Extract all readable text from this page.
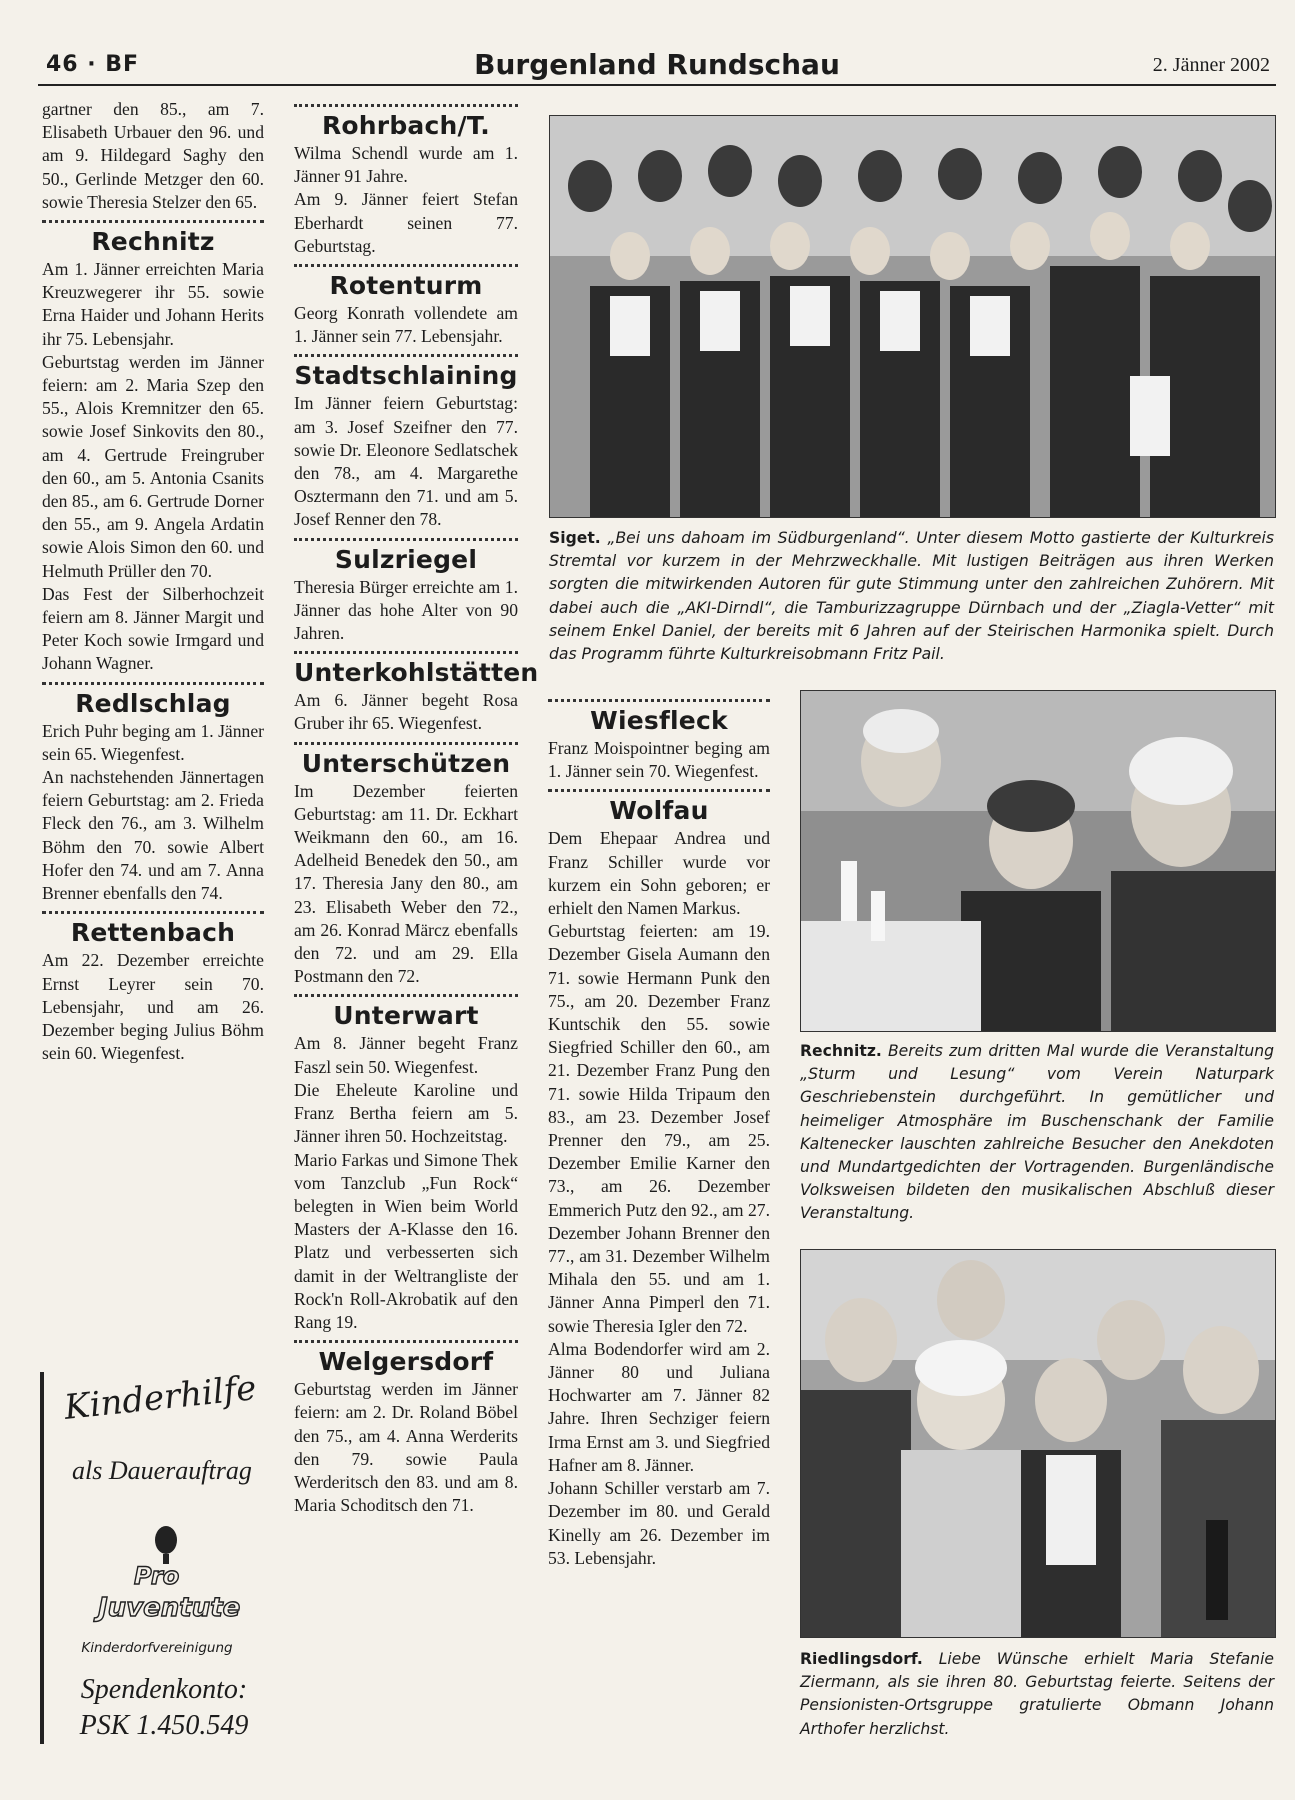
46 · BF	Burgenland Rundschau	2. Jänner 2002

gartner den 85., am 7. Elisabeth Urbauer den 96. und am 9. Hildegard Saghy den 50., Gerlinde Metzger den 60. sowie Theresia Stelzer den 65.

Rechnitz

Am 1. Jänner erreichten Maria Kreuzwegerer ihr 55. sowie Erna Haider und Johann Herits ihr 75. Lebensjahr.

Geburtstag werden im Jänner feiern: am 2. Maria Szep den 55., Alois Kremnitzer den 65. sowie Josef Sinkovits den 80., am 4. Gertrude Freingruber den 60., am 5. Antonia Csanits den 85., am 6. Gertrude Dorner den 55., am 9. Angela Ardatin sowie Alois Simon den 60. und Helmuth Prüller den 70.

Das Fest der Silberhochzeit feiern am 8. Jänner Margit und Peter Koch sowie Irmgard und Johann Wagner.

Redlschlag

Erich Puhr beging am 1. Jänner sein 65. Wiegenfest.

An nachstehenden Jännertagen feiern Geburtstag: am 2. Frieda Fleck den 76., am 3. Wilhelm Böhm den 70. sowie Albert Hofer den 74. und am 7. Anna Brenner ebenfalls den 74.

Rettenbach

Am 22. Dezember erreichte Ernst Leyrer sein 70. Lebensjahr, und am 26. Dezember beging Julius Böhm sein 60. Wiegenfest.

Rohrbach/T.

Wilma Schendl wurde am 1. Jänner 91 Jahre.

Am 9. Jänner feiert Stefan Eberhardt seinen 77. Geburtstag.

Rotenturm

Georg Konrath vollendete am 1. Jänner sein 77. Lebensjahr.

Stadtschlaining

Im Jänner feiern Geburtstag: am 3. Josef Szeifner den 77. sowie Dr. Eleonore Sedlatschek den 78., am 4. Margarethe Osztermann den 71. und am 5. Josef Renner den 78.

Sulzriegel

Theresia Bürger erreichte am 1. Jänner das hohe Alter von 90 Jahren.

Unterkohlstätten

Am 6. Jänner begeht Rosa Gruber ihr 65. Wiegenfest.

Unterschützen

Im Dezember feierten Geburtstag: am 11. Dr. Eckhart Weikmann den 60., am 16. Adelheid Benedek den 50., am 17. Theresia Jany den 80., am 23. Elisabeth Weber den 72., am 26. Konrad Märcz ebenfalls den 72. und am 29. Ella Postmann den 72.

Unterwart

Am 8. Jänner begeht Franz Faszl sein 50. Wiegenfest.

Die Eheleute Karoline und Franz Bertha feiern am 5. Jänner ihren 50. Hochzeitstag.

Mario Farkas und Simone Thek vom Tanzclub „Fun Rock“ belegten in Wien beim World Masters der A-Klasse den 16. Platz und verbesserten sich damit in der Weltrangliste der Rock'n Roll-Akrobatik auf den Rang 19.

Welgersdorf

Geburtstag werden im Jänner feiern: am 2. Dr. Roland Böbel den 75., am 4. Anna Werderits den 79. sowie Paula Werderitsch den 83. und am 8. Maria Schoditsch den 71.

Wiesfleck

Franz Moispointner beging am 1. Jänner sein 70. Wiegenfest.

Wolfau

Dem Ehepaar Andrea und Franz Schiller wurde vor kurzem ein Sohn geboren; er erhielt den Namen Markus.

Geburtstag feierten: am 19. Dezember Gisela Aumann den 71. sowie Hermann Punk den 75., am 20. Dezember Franz Kuntschik den 55. sowie Siegfried Schiller den 60., am 21. Dezember Franz Pung den 71. sowie Hilda Tripaum den 83., am 23. Dezember Josef Prenner den 79., am 25. Dezember Emilie Karner den 73., am 26. Dezember Emmerich Putz den 92., am 27. Dezember Johann Brenner den 77., am 31. Dezember Wilhelm Mihala den 55. und am 1. Jänner Anna Pimperl den 71. sowie Theresia Igler den 72.

Alma Bodendorfer wird am 2. Jänner 80 und Juliana Hochwarter am 7. Jänner 82 Jahre. Ihren Sechziger feiern Irma Ernst am 3. und Siegfried Hafner am 8. Jänner.

Johann Schiller verstarb am 7. Dezember im 80. und Gerald Kinelly am 26. Dezember im 53. Lebensjahr.

Siget. „Bei uns dahoam im Südburgenland“. Unter diesem Motto gastierte der Kulturkreis Stremtal vor kurzem in der Mehrzweckhalle. Mit lustigen Beiträgen aus ihren Werken sorgten die mitwirkenden Autoren für gute Stimmung unter den zahlreichen Zuhörern. Mit dabei auch die „AKI-Dirndl“, die Tamburizzagruppe Dürnbach und der „Ziagla-Vetter“ mit seinem Enkel Daniel, der bereits mit 6 Jahren auf der Steirischen Harmonika spielt. Durch das Programm führte Kulturkreisobmann Fritz Pail.
Rechnitz. Bereits zum dritten Mal wurde die Veranstaltung „Sturm und Lesung“ vom Verein Naturpark Geschriebenstein durchgeführt. In gemütlicher und heimeliger Atmosphäre im Buschenschank der Familie Kaltenecker lauschten zahlreiche Besucher den Anekdoten und Mundartgedichten der Vortragenden. Burgenländische Volksweisen bildeten den musikalischen Abschluß dieser Veranstaltung.
Riedlingsdorf. Liebe Wünsche erhielt Maria Stefanie Ziermann, als sie ihren 80. Geburtstag feierte. Seitens der Pensionisten-Ortsgruppe gratulierte Obmann Johann Arthofer herzlichst.
Kinderhilfe
als Dauerauftrag
Pro
Juventute
Kinderdorfvereinigung
Spendenkonto:
PSK 1.450.549
